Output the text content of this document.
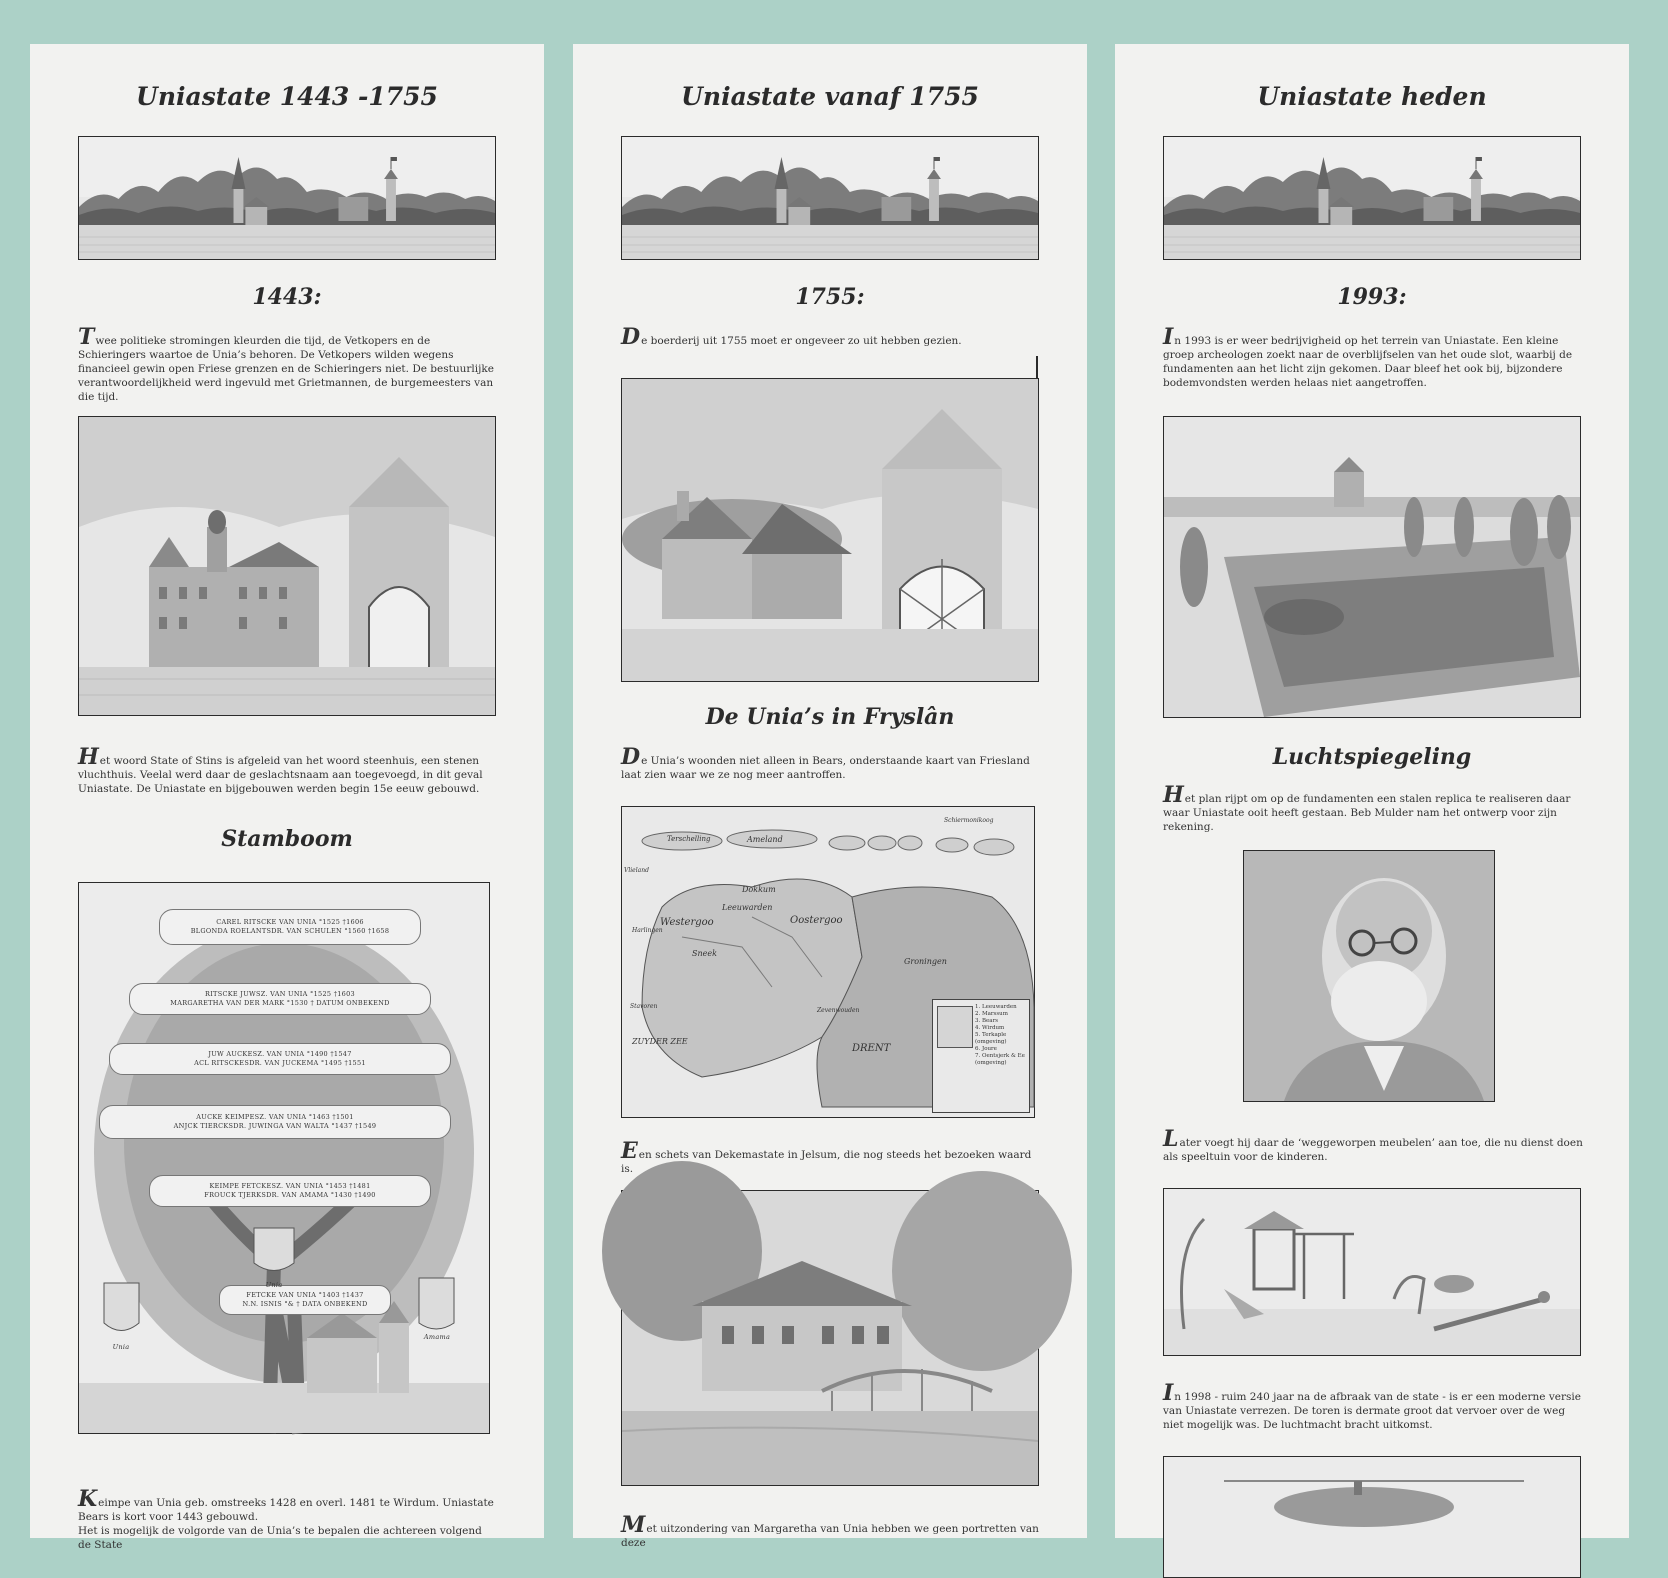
Uniastate 1443 -1755
1443:

Twee politieke stromingen kleurden die tijd, de Vetkopers en de Schieringers waartoe de Unia’s behoren. De Vetkopers wilden wegens financieel gewin open Friese grenzen en de Schieringers niet. De bestuurlijke verantwoordelijkheid werd ingevuld met Grietmannen, de burgemeesters van die tijd.

Het woord State of Stins is afgeleid van het woord steenhuis, een stenen vluchthuis. Veelal werd daar de geslachtsnaam aan toegevoegd, in dit geval Uniastate. De Uniastate en bijgebouwen werden begin 15e eeuw gebouwd.

Stamboom
CAREL RITSCKE VAN UNIA °1525 †1606
BLGONDA ROELANTSDR. VAN SCHULEN °1560 †1658
RITSCKE JUWSZ. VAN UNIA °1525 †1603
MARGARETHA VAN DER MARK °1530 † DATUM ONBEKEND
JUW AUCKESZ. VAN UNIA °1490 †1547
ACL RITSCKESDR. VAN JUCKEMA °1495 †1551
AUCKE KEIMPESZ. VAN UNIA °1463 †1501
ANJCK TIERCKSDR. JUWINGA VAN WALTA °1437 †1549
KEIMPE FETCKESZ. VAN UNIA °1453 †1481
FROUCK TJERKSDR. VAN AMAMA °1430 †1490
FETCKE VAN UNIA °1403 †1437
N.N. ISNIS °& † DATA ONBEKEND
Unia
Unia
Amama

Keimpe van Unia geb. omstreeks 1428 en overl. 1481 te Wirdum. Uniastate Bears is kort voor 1443 gebouwd.
Het is mogelijk de volgorde van de Unia’s te bepalen die achtereen volgend de State

Uniastate vanaf 1755
1755:

De boerderij uit 1755 moet er ongeveer zo uit hebben gezien.

De Unia’s in Fryslân

De Unia’s woonden niet alleen in Bears, onderstaande kaart van Friesland laat zien waar we ze nog meer aantroffen.

Ameland
Schiermonikoog
Terschelling
Vlieland
Groningen
Oostergoo
Westergoo
Zevenwouden
Stavoren
ZUYDER ZEE
DRENT
Leeuwarden
Sneek
Dokkum
Harlingen
1. Leeuwarden
2. Marssum
3. Bears
4. Wirdum
5. Terkaple (omgeving)
6. Joure
7. Oentsjerk & Ee (omgeving)

Een schets van Dekemastate in Jelsum, die nog steeds het bezoeken waard is.

Met uitzondering van Margaretha van Unia hebben we geen portretten van deze

Uniastate heden
1993:

In 1993 is er weer bedrijvigheid op het terrein van Uniastate. Een kleine groep archeologen zoekt naar de overblijfselen van het oude slot, waarbij de fundamenten aan het licht zijn gekomen. Daar bleef het ook bij, bijzondere bodemvondsten werden helaas niet aangetroffen.

Luchtspiegeling

Het plan rijpt om op de fundamenten een stalen replica te realiseren daar waar Uniastate ooit heeft gestaan. Beb Mulder nam het ontwerp voor zijn rekening.

Later voegt hij daar de ‘weggeworpen meubelen’ aan toe, die nu dienst doen als speeltuin voor de kinderen.

In 1998 - ruim 240 jaar na de afbraak van de state - is er een moderne versie van Uniastate verrezen. De toren is dermate groot dat vervoer over de weg niet mogelijk was. De luchtmacht bracht uitkomst.
